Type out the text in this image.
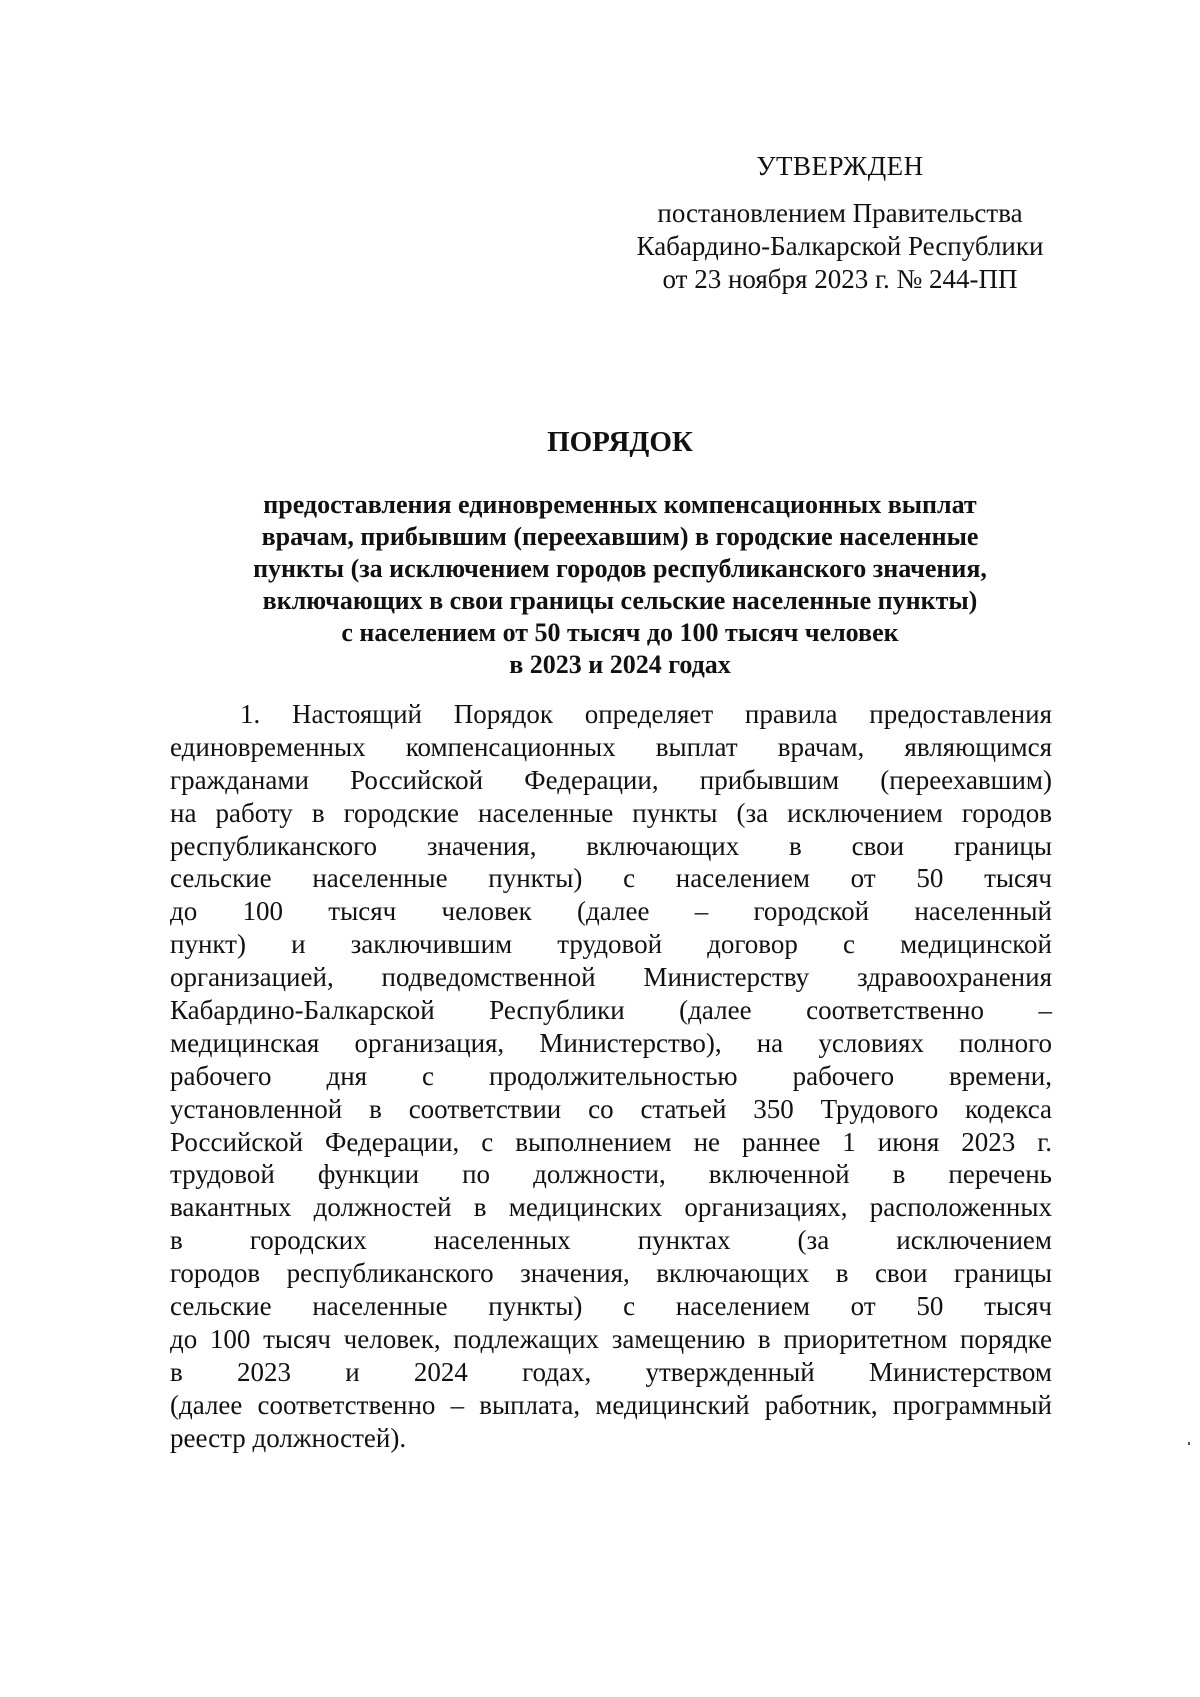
УТВЕРЖДЕН
постановлением Правительства
Кабардино-Балкарской Республики
от 23 ноября 2023 г. № 244-ПП
ПОРЯДОК
предоставления единовременных компенсационных выплат
врачам, прибывшим (переехавшим) в городские населенные
пункты (за исключением городов республиканского значения,
включающих в свои границы сельские населенные пункты)
с населением от 50 тысяч до 100 тысяч человек
в 2023 и 2024 годах
1. Настоящий Порядок определяет правила предоставления
единовременных компенсационных выплат врачам, являющимся
гражданами Российской Федерации, прибывшим (переехавшим)
на работу в городские населенные пункты (за исключением городов
республиканского значения, включающих в свои границы
сельские населенные пункты) с населением от 50 тысяч
до 100 тысяч человек (далее – городской населенный
пункт) и заключившим трудовой договор с медицинской
организацией, подведомственной Министерству здравоохранения
Кабардино-Балкарской Республики (далее соответственно –
медицинская организация, Министерство), на условиях полного
рабочего дня с продолжительностью рабочего времени,
установленной в соответствии со статьей 350 Трудового кодекса
Российской Федерации, с выполнением не раннее 1 июня 2023 г.
трудовой функции по должности, включенной в перечень
вакантных должностей в медицинских организациях, расположенных
в городских населенных пунктах (за исключением
городов республиканского значения, включающих в свои границы
сельские населенные пункты) с населением от 50 тысяч
до 100 тысяч человек, подлежащих замещению в приоритетном порядке
в 2023 и 2024 годах, утвержденный Министерством
(далее соответственно – выплата, медицинский работник, программный
реестр должностей).
